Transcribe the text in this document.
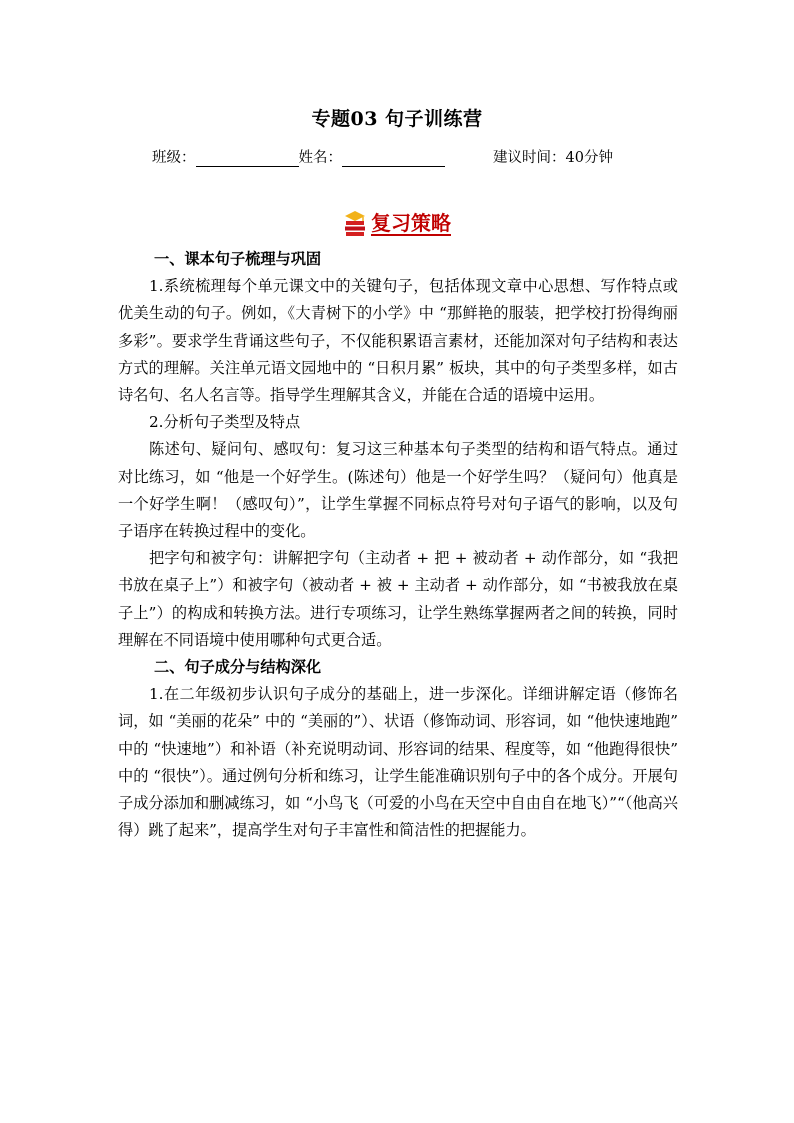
专题03 句子训练营
班级：	姓名：	建议时间：40分钟
复习策略

一、课本句子梳理与巩固

1.系统梳理每个单元课文中的关键句子，包括体现文章中心思想、写作特点或优美生动的句子。例如，《大青树下的小学》中 “那鲜艳的服装，把学校打扮得绚丽多彩”。要求学生背诵这些句子，不仅能积累语言素材，还能加深对句子结构和表达方式的理解。关注单元语文园地中的 “日积月累” 板块，其中的句子类型多样，如古诗名句、名人名言等。指导学生理解其含义，并能在合适的语境中运用。

2.分析句子类型及特点

陈述句、疑问句、感叹句：复习这三种基本句子类型的结构和语气特点。通过对比练习，如 “他是一个好学生。(陈述句）他是一个好学生吗？（疑问句）他真是一个好学生啊！（感叹句）”，让学生掌握不同标点符号对句子语气的影响，以及句子语序在转换过程中的变化。

把字句和被字句：讲解把字句（主动者 + 把 + 被动者 + 动作部分，如 “我把书放在桌子上”）和被字句（被动者 + 被 + 主动者 + 动作部分，如 “书被我放在桌子上”）的构成和转换方法。进行专项练习，让学生熟练掌握两者之间的转换，同时理解在不同语境中使用哪种句式更合适。

二、句子成分与结构深化

1.在二年级初步认识句子成分的基础上，进一步深化。详细讲解定语（修饰名词，如 “美丽的花朵” 中的 “美丽的”）、状语（修饰动词、形容词，如 “他快速地跑” 中的 “快速地”）和补语（补充说明动词、形容词的结果、程度等，如 “他跑得很快” 中的 “很快”）。通过例句分析和练习，让学生能准确识别句子中的各个成分。开展句子成分添加和删减练习，如 “小鸟飞（可爱的小鸟在天空中自由自在地飞）”“（他高兴得）跳了起来”，提高学生对句子丰富性和简洁性的把握能力。
